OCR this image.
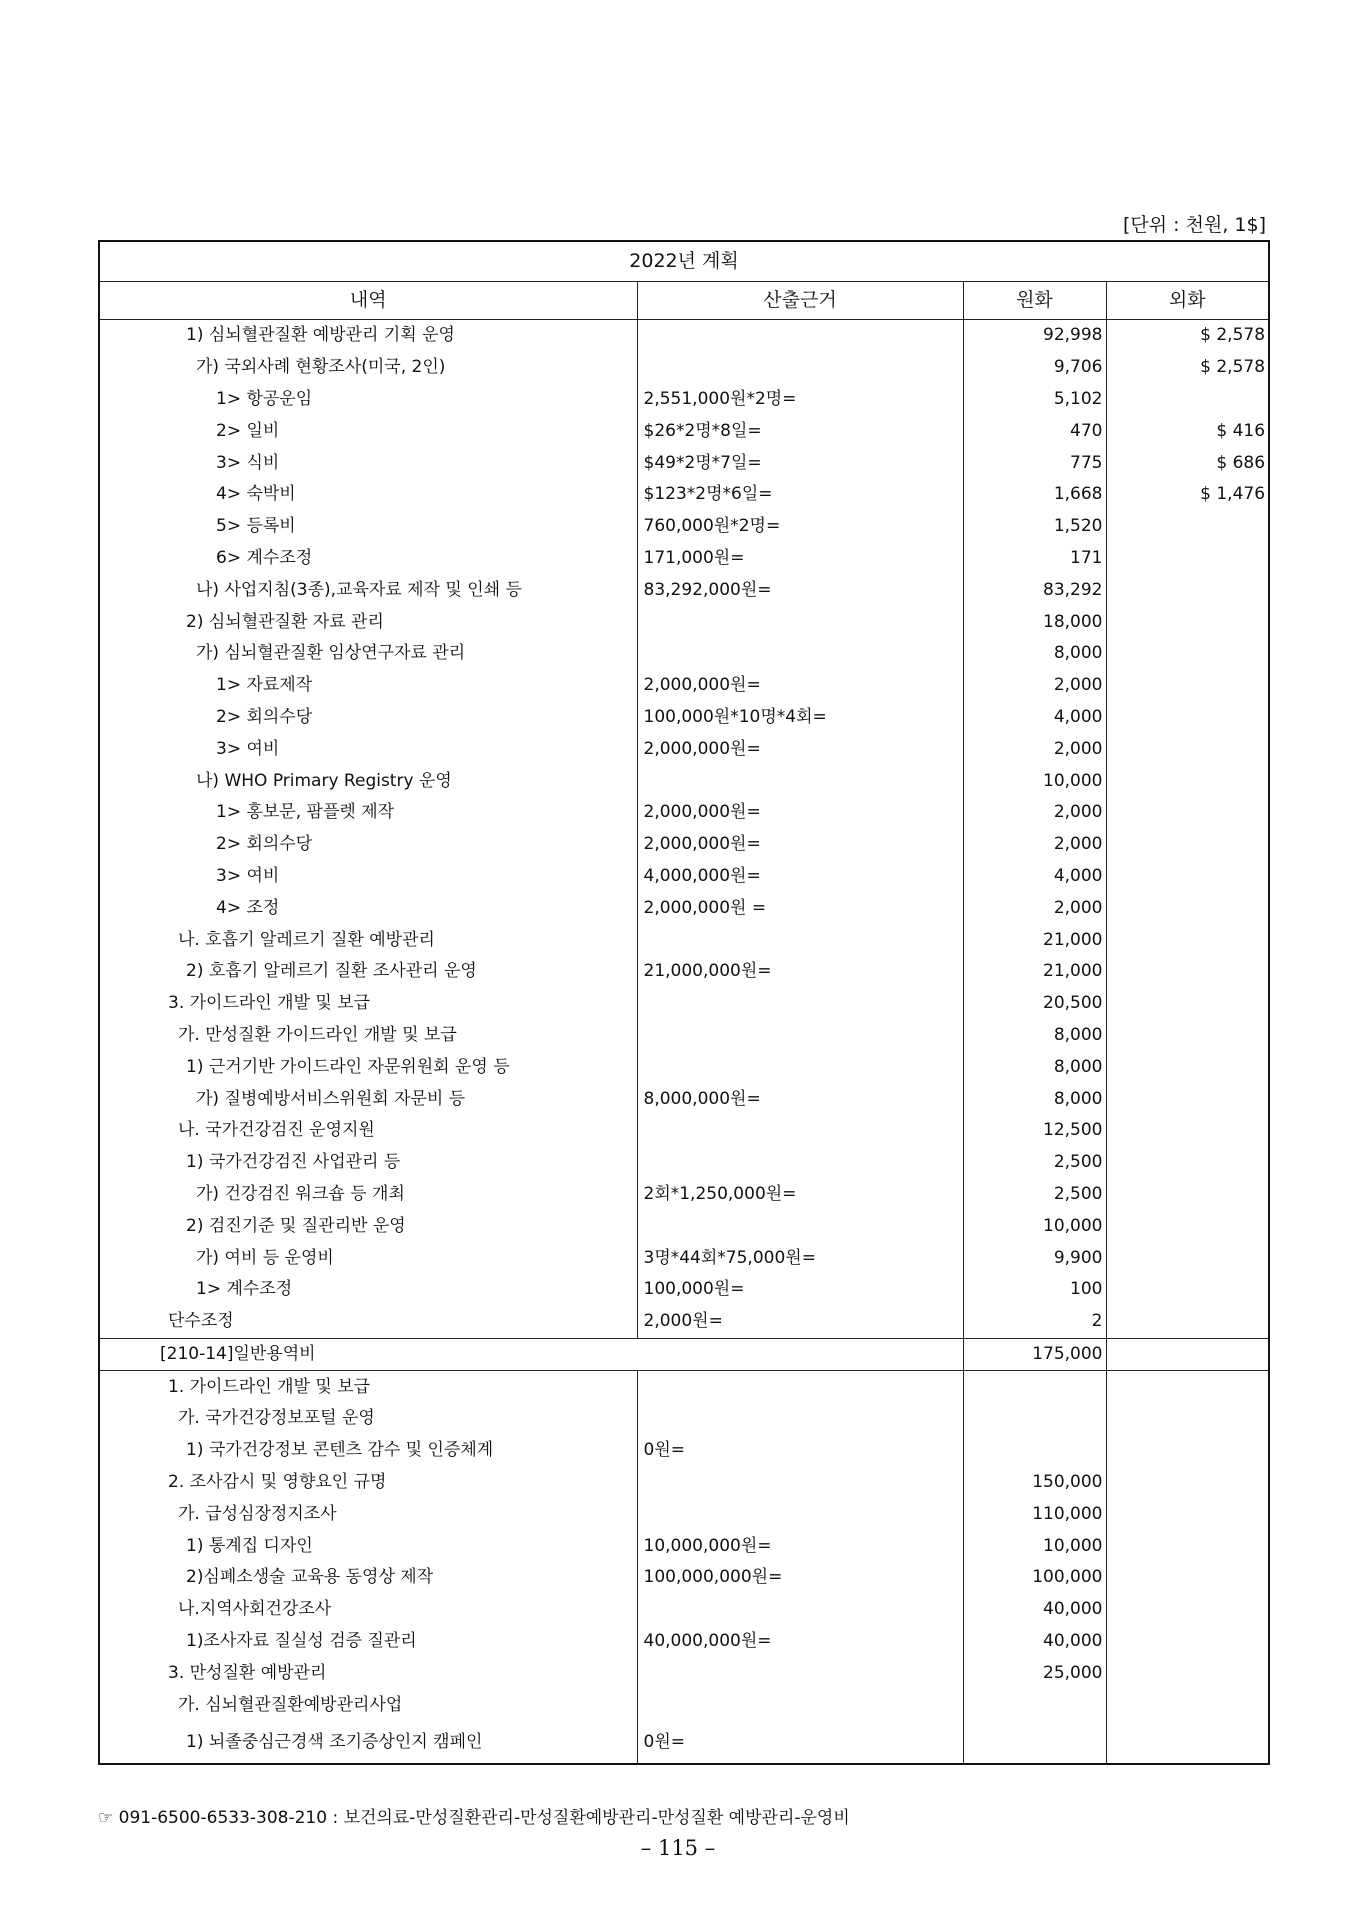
[단위 : 천원, 1$]
2022년 계획			
내역	산출근거	원화	외화
1) 심뇌혈관질환 예방관리 기획 운영		92,998	$ 2,578
가) 국외사례 현황조사(미국, 2인)		9,706	$ 2,578
1> 항공운임	2,551,000원*2명=	5,102	
2> 일비	$26*2명*8일=	470	$ 416
3> 식비	$49*2명*7일=	775	$ 686
4> 숙박비	$123*2명*6일=	1,668	$ 1,476
5> 등록비	760,000원*2명=	1,520	
6> 계수조정	171,000원=	171	
나) 사업지침(3종),교육자료 제작 및 인쇄 등	83,292,000원=	83,292	
2) 심뇌혈관질환 자료 관리		18,000	
가) 심뇌혈관질환 임상연구자료 관리		8,000	
1> 자료제작	2,000,000원=	2,000	
2> 회의수당	100,000원*10명*4회=	4,000	
3> 여비	2,000,000원=	2,000	
나) WHO Primary Registry 운영		10,000	
1> 홍보문, 팜플렛 제작	2,000,000원=	2,000	
2> 회의수당	2,000,000원=	2,000	
3> 여비	4,000,000원=	4,000	
4> 조정	2,000,000원 =	2,000	
나. 호흡기 알레르기 질환 예방관리		21,000	
2) 호흡기 알레르기 질환 조사관리 운영	21,000,000원=	21,000	
3. 가이드라인 개발 및 보급		20,500	
가. 만성질환 가이드라인 개발 및 보급		8,000	
1) 근거기반 가이드라인 자문위원회 운영 등		8,000	
가) 질병예방서비스위원회 자문비 등	8,000,000원=	8,000	
나. 국가건강검진 운영지원		12,500	
1) 국가건강검진 사업관리 등		2,500	
가) 건강검진 워크숍 등 개최	2회*1,250,000원=	2,500	
2) 검진기준 및 질관리반 운영		10,000	
가) 여비 등 운영비	3명*44회*75,000원=	9,900	
1> 계수조정	100,000원=	100	
단수조정	2,000원=	2	
[210-14]일반용역비		175,000	
1. 가이드라인 개발 및 보급			
가. 국가건강정보포털 운영			
1) 국가건강정보 콘텐츠 감수 및 인증체계	0원=		
2. 조사감시 및 영향요인 규명		150,000	
가. 급성심장정지조사		110,000	
1) 통계집 디자인	10,000,000원=	10,000	
2)심폐소생술 교육용 동영상 제작	100,000,000원=	100,000	
나.지역사회건강조사		40,000	
1)조사자료 질실성 검증 질관리	40,000,000원=	40,000	
3. 만성질환 예방관리		25,000	
가. 심뇌혈관질환예방관리사업			
1) 뇌졸중심근경색 조기증상인지 캠페인	0원=		
☞ 091-6500-6533-308-210 : 보건의료-만성질환관리-만성질환예방관리-만성질환 예방관리-운영비
– 115 –
